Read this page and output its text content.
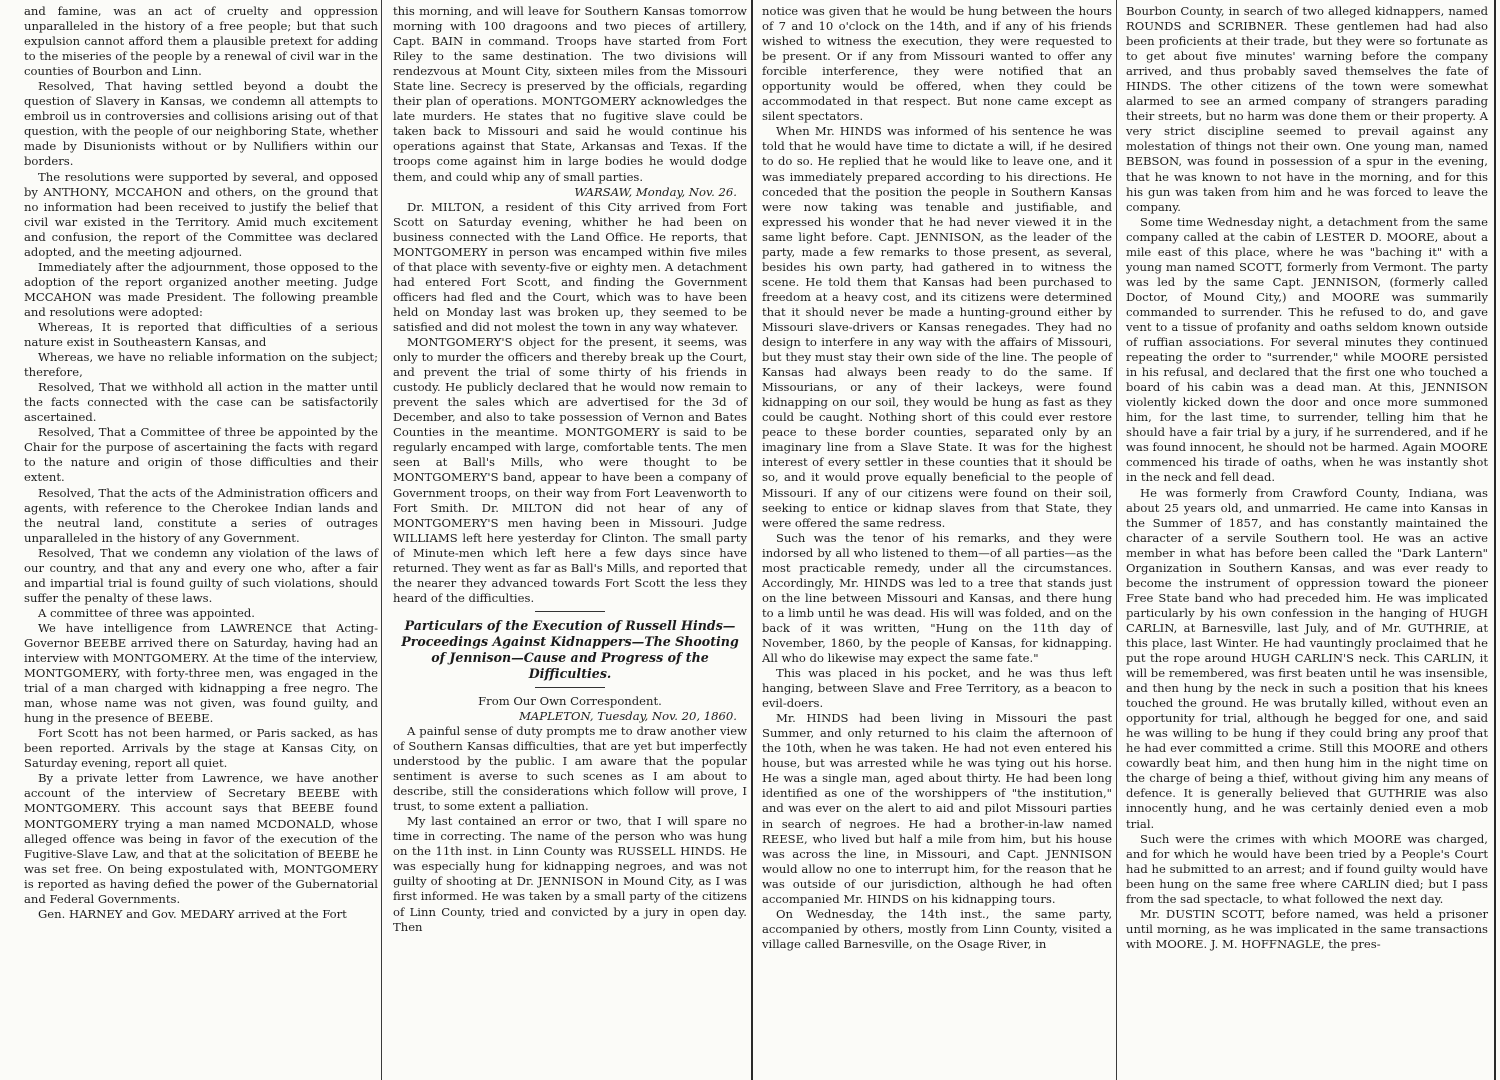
and famine, was an act of cruelty and oppression unparalleled in the history of a free people; but that such expulsion cannot afford them a plausible pretext for adding to the miseries of the people by a renewal of civil war in the counties of Bourbon and Linn.

Resolved, That having settled beyond a doubt the question of Slavery in Kansas, we condemn all attempts to embroil us in controversies and collisions arising out of that question, with the people of our neighboring State, whether made by Disunionists without or by Nullifiers within our borders.

The resolutions were supported by several, and opposed by ANTHONY, MCCAHON and others, on the ground that no information had been received to justify the belief that civil war existed in the Territory. Amid much excitement and confusion, the report of the Committee was declared adopted, and the meeting adjourned.

Immediately after the adjournment, those opposed to the adoption of the report organized another meeting. Judge MCCAHON was made President. The following preamble and resolutions were adopted:

Whereas, It is reported that difficulties of a serious nature exist in Southeastern Kansas, and

Whereas, we have no reliable information on the subject; therefore,

Resolved, That we withhold all action in the matter until the facts connected with the case can be satisfactorily ascertained.

Resolved, That a Committee of three be appointed by the Chair for the purpose of ascertaining the facts with regard to the nature and origin of those difficulties and their extent.

Resolved, That the acts of the Administration officers and agents, with reference to the Cherokee Indian lands and the neutral land, constitute a series of outrages unparalleled in the history of any Government.

Resolved, That we condemn any violation of the laws of our country, and that any and every one who, after a fair and impartial trial is found guilty of such violations, should suffer the penalty of these laws.

A committee of three was appointed.

We have intelligence from LAWRENCE that Acting-Governor BEEBE arrived there on Saturday, having had an interview with MONTGOMERY. At the time of the interview, MONTGOMERY, with forty-three men, was engaged in the trial of a man charged with kidnapping a free negro. The man, whose name was not given, was found guilty, and hung in the presence of BEEBE.

Fort Scott has not been harmed, or Paris sacked, as has been reported. Arrivals by the stage at Kansas City, on Saturday evening, report all quiet.

By a private letter from Lawrence, we have another account of the interview of Secretary BEEBE with MONTGOMERY. This account says that BEEBE found MONTGOMERY trying a man named MCDONALD, whose alleged offence was being in favor of the execution of the Fugitive-Slave Law, and that at the solicitation of BEEBE he was set free. On being expostulated with, MONTGOMERY is reported as having defied the power of the Gubernatorial and Federal Governments.

Gen. HARNEY and Gov. MEDARY arrived at the Fort

this morning, and will leave for Southern Kansas tomorrow morning with 100 dragoons and two pieces of artillery, Capt. BAIN in command. Troops have started from Fort Riley to the same destination. The two divisions will rendezvous at Mount City, sixteen miles from the Missouri State line. Secrecy is preserved by the officials, regarding their plan of operations. MONTGOMERY acknowledges the late murders. He states that no fugitive slave could be taken back to Missouri and said he would continue his operations against that State, Arkansas and Texas. If the troops come against him in large bodies he would dodge them, and could whip any of small parties.

WARSAW, Monday, Nov. 26.

Dr. MILTON, a resident of this City arrived from Fort Scott on Saturday evening, whither he had been on business connected with the Land Office. He reports, that MONTGOMERY in person was encamped within five miles of that place with seventy-five or eighty men. A detachment had entered Fort Scott, and finding the Government officers had fled and the Court, which was to have been held on Monday last was broken up, they seemed to be satisfied and did not molest the town in any way whatever.

MONTGOMERY'S object for the present, it seems, was only to murder the officers and thereby break up the Court, and prevent the trial of some thirty of his friends in custody. He publicly declared that he would now remain to prevent the sales which are advertised for the 3d of December, and also to take possession of Vernon and Bates Counties in the meantime. MONTGOMERY is said to be regularly encamped with large, comfortable tents. The men seen at Ball's Mills, who were thought to be MONTGOMERY'S band, appear to have been a company of Government troops, on their way from Fort Leavenworth to Fort Smith. Dr. MILTON did not hear of any of MONTGOMERY'S men having been in Missouri. Judge WILLIAMS left here yesterday for Clinton. The small party of Minute-men which left here a few days since have returned. They went as far as Ball's Mills, and reported that the nearer they advanced towards Fort Scott the less they heard of the difficulties.

Particulars of the Execution of Russell Hinds—Proceedings Against Kidnappers—The Shooting of Jennison—Cause and Progress of the Difficulties.

From Our Own Correspondent.

MAPLETON, Tuesday, Nov. 20, 1860.

A painful sense of duty prompts me to draw another view of Southern Kansas difficulties, that are yet but imperfectly understood by the public. I am aware that the popular sentiment is averse to such scenes as I am about to describe, still the considerations which follow will prove, I trust, to some extent a palliation.

My last contained an error or two, that I will spare no time in correcting. The name of the person who was hung on the 11th inst. in Linn County was RUSSELL HINDS. He was especially hung for kidnapping negroes, and was not guilty of shooting at Dr. JENNISON in Mound City, as I was first informed. He was taken by a small party of the citizens of Linn County, tried and convicted by a jury in open day. Then

notice was given that he would be hung between the hours of 7 and 10 o'clock on the 14th, and if any of his friends wished to witness the execution, they were requested to be present. Or if any from Missouri wanted to offer any forcible interference, they were notified that an opportunity would be offered, when they could be accommodated in that respect. But none came except as silent spectators.

When Mr. HINDS was informed of his sentence he was told that he would have time to dictate a will, if he desired to do so. He replied that he would like to leave one, and it was immediately prepared according to his directions. He conceded that the position the people in Southern Kansas were now taking was tenable and justifiable, and expressed his wonder that he had never viewed it in the same light before. Capt. JENNISON, as the leader of the party, made a few remarks to those present, as several, besides his own party, had gathered in to witness the scene. He told them that Kansas had been purchased to freedom at a heavy cost, and its citizens were determined that it should never be made a hunting-ground either by Missouri slave-drivers or Kansas renegades. They had no design to interfere in any way with the affairs of Missouri, but they must stay their own side of the line. The people of Kansas had always been ready to do the same. If Missourians, or any of their lackeys, were found kidnapping on our soil, they would be hung as fast as they could be caught. Nothing short of this could ever restore peace to these border counties, separated only by an imaginary line from a Slave State. It was for the highest interest of every settler in these counties that it should be so, and it would prove equally beneficial to the people of Missouri. If any of our citizens were found on their soil, seeking to entice or kidnap slaves from that State, they were offered the same redress.

Such was the tenor of his remarks, and they were indorsed by all who listened to them—of all parties—as the most practicable remedy, under all the circumstances. Accordingly, Mr. HINDS was led to a tree that stands just on the line between Missouri and Kansas, and there hung to a limb until he was dead. His will was folded, and on the back of it was written, "Hung on the 11th day of November, 1860, by the people of Kansas, for kidnapping. All who do likewise may expect the same fate."

This was placed in his pocket, and he was thus left hanging, between Slave and Free Territory, as a beacon to evil-doers.

Mr. HINDS had been living in Missouri the past Summer, and only returned to his claim the afternoon of the 10th, when he was taken. He had not even entered his house, but was arrested while he was tying out his horse. He was a single man, aged about thirty. He had been long identified as one of the worshippers of "the institution," and was ever on the alert to aid and pilot Missouri parties in search of negroes. He had a brother-in-law named REESE, who lived but half a mile from him, but his house was across the line, in Missouri, and Capt. JENNISON would allow no one to interrupt him, for the reason that he was outside of our jurisdiction, although he had often accompanied Mr. HINDS on his kidnapping tours.

On Wednesday, the 14th inst., the same party, accompanied by others, mostly from Linn County, visited a village called Barnesville, on the Osage River, in

Bourbon County, in search of two alleged kidnappers, named ROUNDS and SCRIBNER. These gentlemen had had also been proficients at their trade, but they were so fortunate as to get about five minutes' warning before the company arrived, and thus probably saved themselves the fate of HINDS. The other citizens of the town were somewhat alarmed to see an armed company of strangers parading their streets, but no harm was done them or their property. A very strict discipline seemed to prevail against any molestation of things not their own. One young man, named BEBSON, was found in possession of a spur in the evening, that he was known to not have in the morning, and for this his gun was taken from him and he was forced to leave the company.

Some time Wednesday night, a detachment from the same company called at the cabin of LESTER D. MOORE, about a mile east of this place, where he was "baching it" with a young man named SCOTT, formerly from Vermont. The party was led by the same Capt. JENNISON, (formerly called Doctor, of Mound City,) and MOORE was summarily commanded to surrender. This he refused to do, and gave vent to a tissue of profanity and oaths seldom known outside of ruffian associations. For several minutes they continued repeating the order to "surrender," while MOORE persisted in his refusal, and declared that the first one who touched a board of his cabin was a dead man. At this, JENNISON violently kicked down the door and once more summoned him, for the last time, to surrender, telling him that he should have a fair trial by a jury, if he surrendered, and if he was found innocent, he should not be harmed. Again MOORE commenced his tirade of oaths, when he was instantly shot in the neck and fell dead.

He was formerly from Crawford County, Indiana, was about 25 years old, and unmarried. He came into Kansas in the Summer of 1857, and has constantly maintained the character of a servile Southern tool. He was an active member in what has before been called the "Dark Lantern" Organization in Southern Kansas, and was ever ready to become the instrument of oppression toward the pioneer Free State band who had preceded him. He was implicated particularly by his own confession in the hanging of HUGH CARLIN, at Barnesville, last July, and of Mr. GUTHRIE, at this place, last Winter. He had vauntingly proclaimed that he put the rope around HUGH CARLIN'S neck. This CARLIN, it will be remembered, was first beaten until he was insensible, and then hung by the neck in such a position that his knees touched the ground. He was brutally killed, without even an opportunity for trial, although he begged for one, and said he was willing to be hung if they could bring any proof that he had ever committed a crime. Still this MOORE and others cowardly beat him, and then hung him in the night time on the charge of being a thief, without giving him any means of defence. It is generally believed that GUTHRIE was also innocently hung, and he was certainly denied even a mob trial.

Such were the crimes with which MOORE was charged, and for which he would have been tried by a People's Court had he submitted to an arrest; and if found guilty would have been hung on the same free where CARLIN died; but I pass from the sad spectacle, to what followed the next day.

Mr. DUSTIN SCOTT, before named, was held a prisoner until morning, as he was implicated in the same transactions with MOORE. J. M. HOFFNAGLE, the pres-
